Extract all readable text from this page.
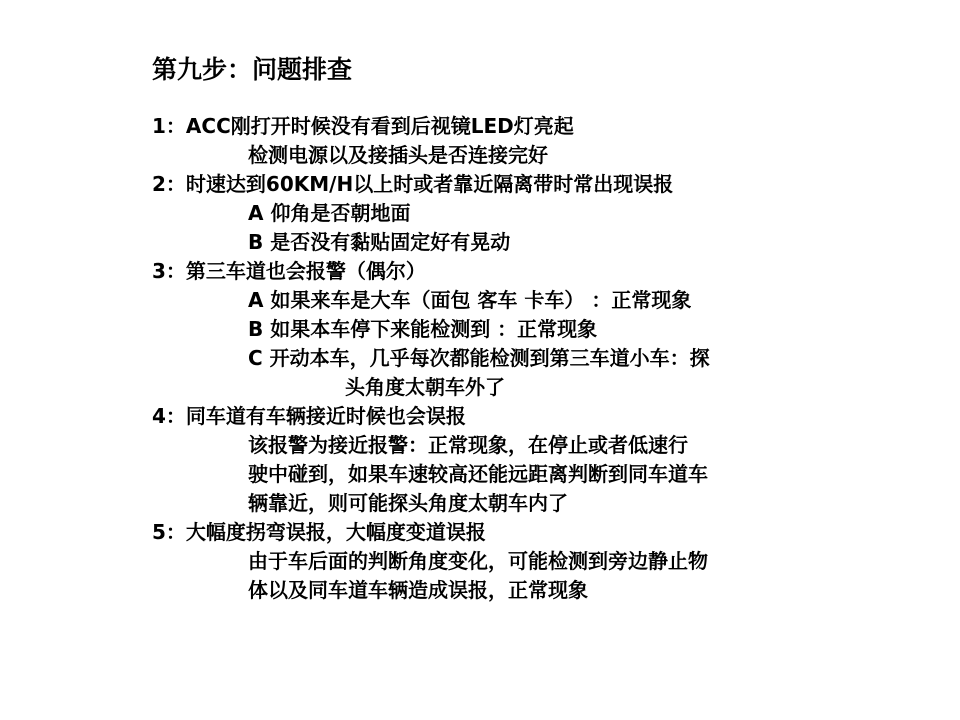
第九步：问题排查
1：ACC刚打开时候没有看到后视镜LED灯亮起
检测电源以及接插头是否连接完好
2：时速达到60KM/H以上时或者靠近隔离带时常出现误报
A 仰角是否朝地面
B 是否没有黏贴固定好有晃动
3：第三车道也会报警（偶尔）
A 如果来车是大车（面包 客车 卡车） ：正常现象
B 如果本车停下来能检测到 ：正常现象
C 开动本车，几乎每次都能检测到第三车道小车：探
头角度太朝车外了
4：同车道有车辆接近时候也会误报
该报警为接近报警：正常现象，在停止或者低速行
驶中碰到，如果车速较高还能远距离判断到同车道车
辆靠近，则可能探头角度太朝车内了
5：大幅度拐弯误报，大幅度变道误报
由于车后面的判断角度变化，可能检测到旁边静止物
体以及同车道车辆造成误报，正常现象
